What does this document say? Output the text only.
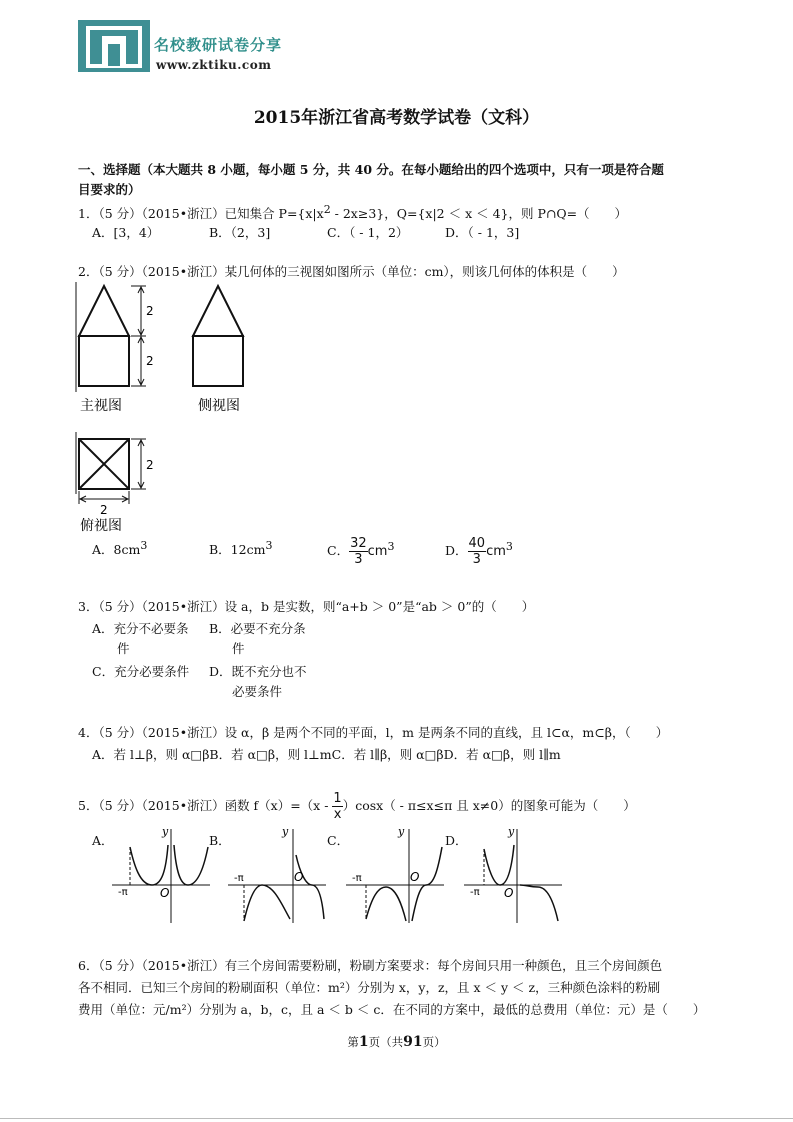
名校教研试卷分享
www.zktiku.com
2015年浙江省高考数学试卷（文科）
一、选择题（本大题共 8 小题，每小题 5 分，共 40 分。在每小题给出的四个选项中，只有一项是符合题
目要求的）
1．（5 分）（2015•浙江）已知集合 $P=\{x|x^2 - 2x\ge 3\}$，Q={x|2 ＜ x ＜ 4}，则 P∩Q=（　　）
A．[3，4）	B．（2，3]	C．（ - 1，2）	D．（ - 1，3]
2．（5 分）（2015•浙江）某几何体的三视图如图所示（单位：cm），则该几何体的体积是（　　）
2
2
主视图	侧视图
2
2
俯视图
A．$8cm^3$	B．$12cm^3$	C． $\frac{32}{3} cm^3$	D． $\frac{40}{3} cm^3$
3．（5 分）（2015•浙江）设 a，b 是实数，则“a+b ＞ 0”是“ab ＞ 0”的（　　）
A．充分不必要条
件
B．必要不充分条
件
C．充分必要条件 D．既不充分也不
必要条件
4．（5 分）（2015•浙江）设 α，β 是两个不同的平面，l，m 是两条不同的直线，且 l⊂α，m⊂β，（　　）
A．若 l⊥β，则 α□βB．若 α□β，则 l⊥mC．若 l∥β，则 α□βD．若 α□β，则 l∥m
5．（5 分）（2015•浙江）函数 $f(x)=(x - \frac{1}{x} )\cos x( - \pi\le x\le\pi$ 且 x≠0）的图象可能为（　　）
A．
y
O
-π
B．
y
O
-π
C．
y
O
-π
D．
y
O
-π
6．（5 分）（2015•浙江）有三个房间需要粉刷，粉刷方案要求：每个房间只用一种颜色，且三个房间颜色
各不相同．已知三个房间的粉刷面积（单位：m²）分别为 x，y，z，且 x ＜ y ＜ z，三种颜色涂料的粉刷
费用（单位：元/m²）分别为 a，b，c，且 a ＜ b ＜ c．在不同的方案中，最低的总费用（单位：元）是（　　）
第1页（共91页）
